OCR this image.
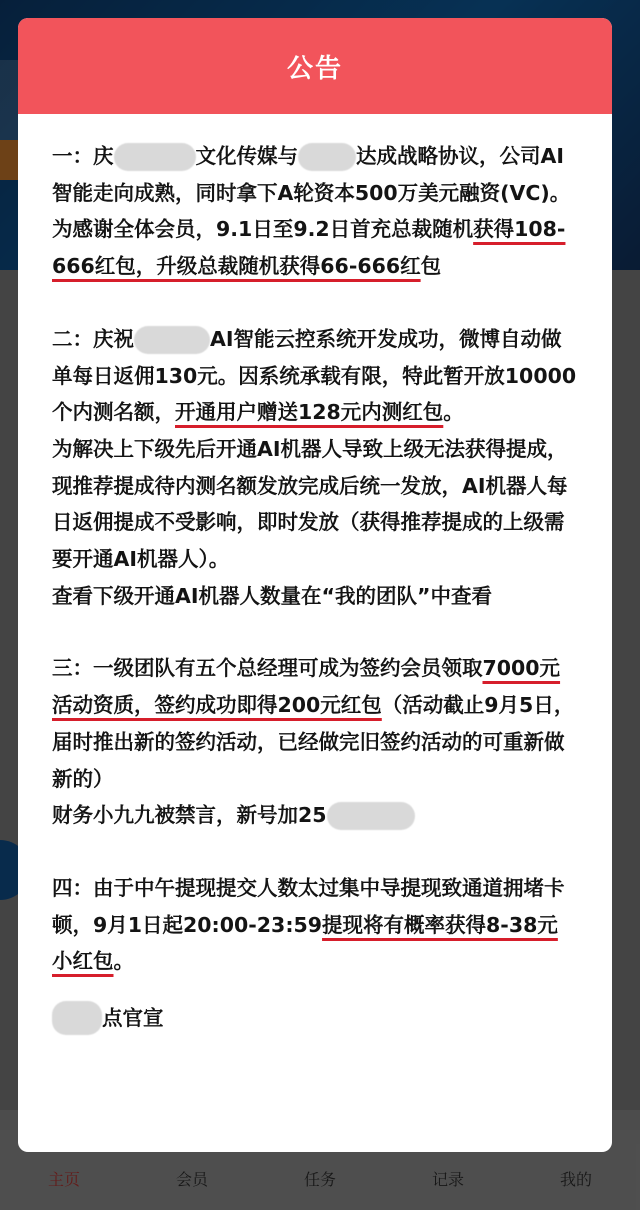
主页	会员	任务	记录	我的
公告

一：庆	文化传媒与	达成战略协议，公司AI智能走向成熟，同时拿下A轮资本500万美元融资(VC)。为感谢全体会员，9.1日至9.2日首充总裁随机获得108-666红包，升级总裁随机获得66-666红包

二：庆祝	AI智能云控系统开发成功，微博自动做单每日返佣130元。因系统承载有限，特此暂开放10000个内测名额，开通用户赠送128元内测红包。

为解决上下级先后开通AI机器人导致上级无法获得提成，现推荐提成待内测名额发放完成后统一发放，AI机器人每日返佣提成不受影响，即时发放（获得推荐提成的上级需要开通AI机器人）。

查看下级开通AI机器人数量在“我的团队”中查看

三：一级团队有五个总经理可成为签约会员领取7000元活动资质，签约成功即得200元红包（活动截止9月5日，届时推出新的签约活动，已经做完旧签约活动的可重新做新的）

财务小九九被禁言，新号加25

四：由于中午提现提交人数太过集中导提现致通道拥堵卡顿，9月1日起20:00-23:59提现将有概率获得8-38元小红包。

点官宣
